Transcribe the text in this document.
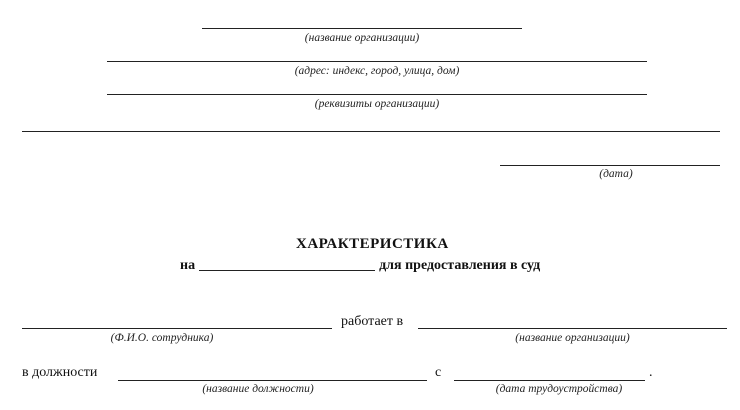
(название организации)
(адрес: индекс, город, улица, дом)
(реквизиты организации)
(дата)
ХАРАКТЕРИСТИКА
на	для предоставления в суд
(Ф.И.О. сотрудника)
работает в
(название организации)
в должности
(название должности)
с
(дата трудоустройства)
.
